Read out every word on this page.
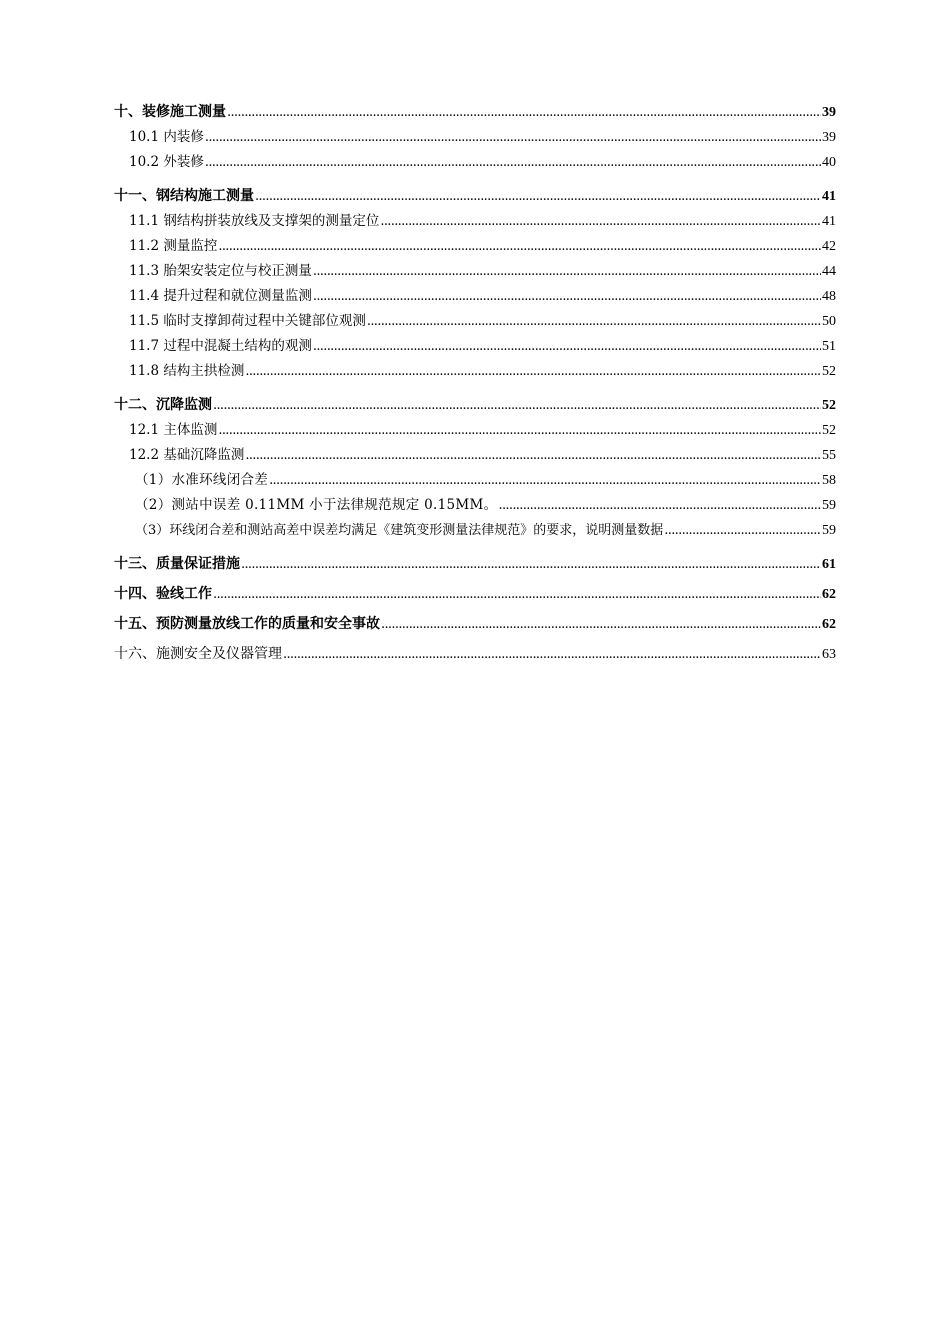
十、装修施工测量 . . .	39
10.1 内装修 . . .	39
10.2 外装修 . . .	40
十一、钢结构施工测量 . . .	41
11.1 钢结构拼装放线及支撑架的测量定位 . . .	41
11.2 测量监控 . . .	42
11.3 胎架安装定位与校正测量 . . .	44
11.4 提升过程和就位测量监测 . . .	48
11.5 临时支撑卸荷过程中关键部位观测 . . .	50
11.7 过程中混凝土结构的观测 . . .	51
11.8 结构主拱检测 . . .	52
十二、沉降监测 . . .	52
12.1 主体监测 . . .	52
12.2 基础沉降监测 . . .	55
（1）水准环线闭合差 . . .	58
（2）测站中误差 0.11MM 小于法律规范规定 0.15MM。 . . .	59
（3）环线闭合差和测站高差中误差均满足《建筑变形测量法律规范》的要求，说明测量数据 . . .	59
十三、质量保证措施 . . .	61
十四、验线工作 . . .	62
十五、预防测量放线工作的质量和安全事故 . . .	62
十六、施测安全及仪器管理 . . .	63
